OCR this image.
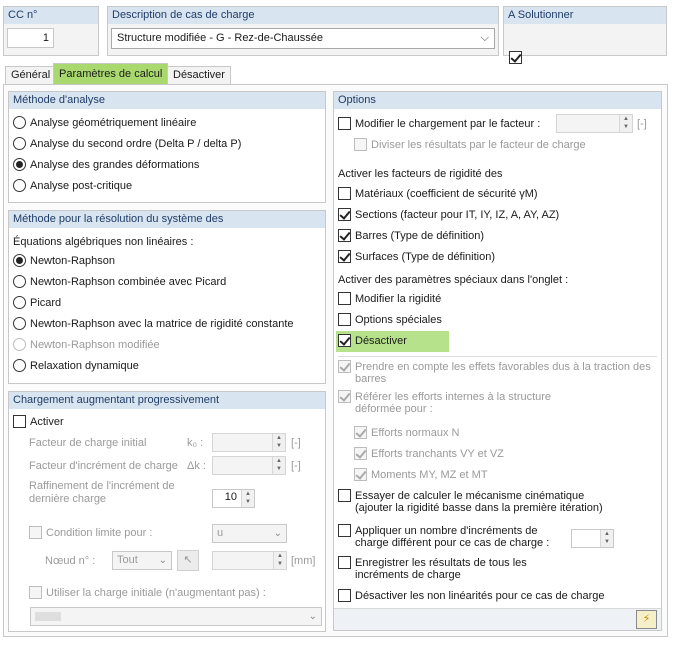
CC n°
1
Description de cas de charge
Structure modifiée - G - Rez-de-Chaussée	⌵
A Solutionner
Général Paramètres de calcul Désactiver
Méthode d'analyse
Analyse géométriquement linéaire
Analyse du second ordre (Delta P / delta P)
Analyse des grandes déformations
Analyse post-critique
Méthode pour la résolution du système des
Équations algébriques non linéaires :
Newton-Raphson
Newton-Raphson combinée avec Picard
Picard
Newton-Raphson avec la matrice de rigidité constante
Newton-Raphson modifiée
Relaxation dynamique
Chargement augmentant progressivement
Activer
Facteur de charge initial	k₀ :	▲
▼ [-]
Facteur d'incrément de charge Δk :	▲
▼ [-]
Raffinement de l'incrément de
dernière charge	10	▲
▼
Condition limite pour :	u	⌄
Nœud n° :	Tout ⌄	↖	▲
▼ [mm]
Utiliser la charge initiale (n'augmentant pas) :
⌄
Options
Modifier le chargement par le facteur :	▲
▼ [-]
Diviser les résultats par le facteur de charge
Activer les facteurs de rigidité des
Matériaux (coefficient de sécurité γM)
Sections (facteur pour IT, IY, IZ, A, AY, AZ)
Barres (Type de définition)
Surfaces (Type de définition)
Activer des paramètres spéciaux dans l'onglet :
Modifier la rigidité
Options spéciales
Désactiver
Prendre en compte les effets favorables dus à la traction des
barres
Référer les efforts internes à la structure
déformée pour :
Efforts normaux N
Efforts tranchants VY et VZ
Moments MY, MZ et MT
Essayer de calculer le mécanisme cinématique
(ajouter la rigidité basse dans la première itération)
Appliquer un nombre d'incréments de
charge différent pour ce cas de charge :
▲
▼
Enregistrer les résultats de tous les
incréments de charge
Désactiver les non linéarités pour ce cas de charge
⚡
